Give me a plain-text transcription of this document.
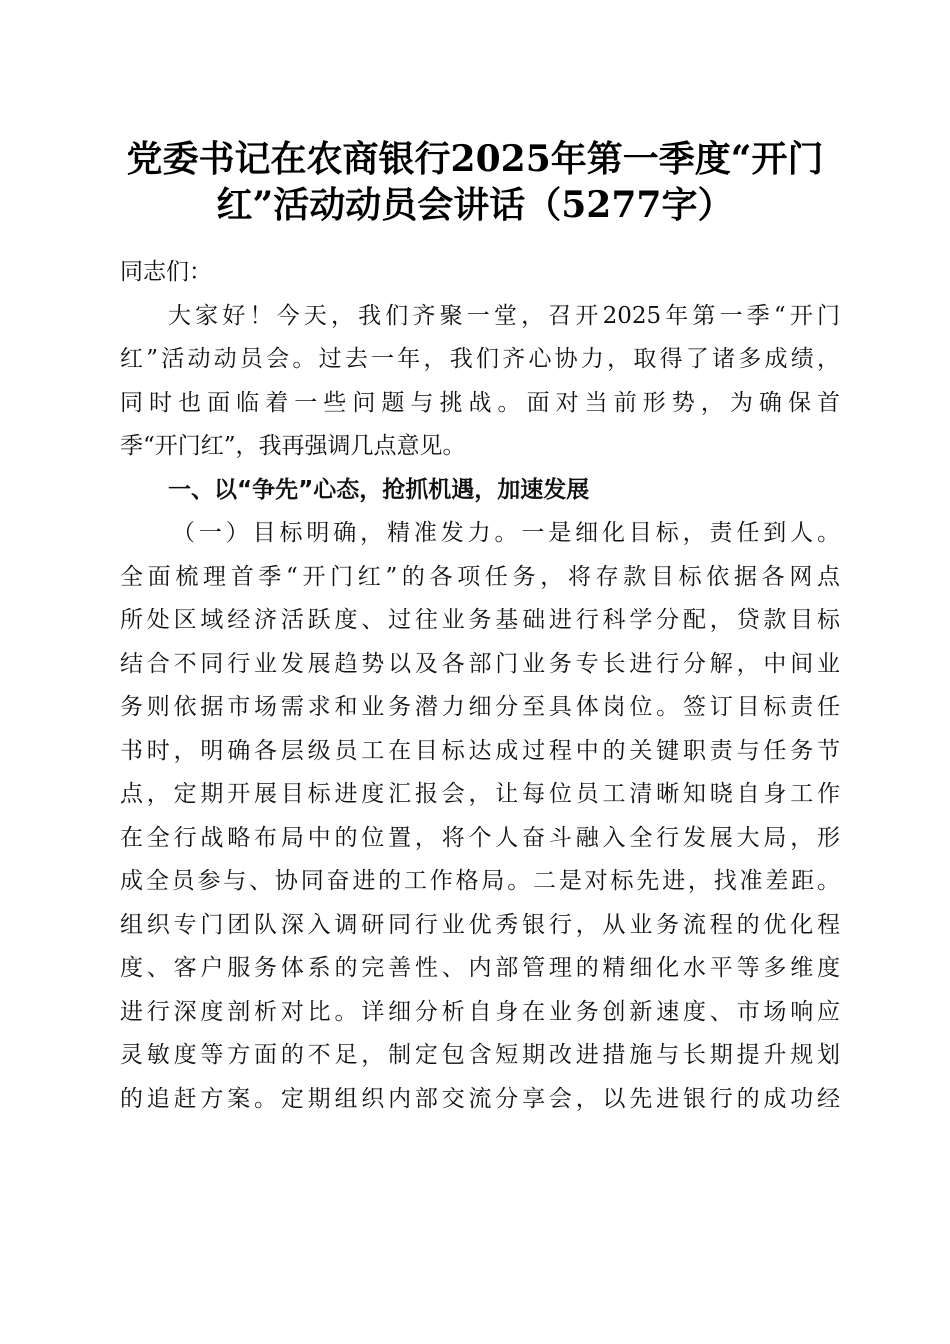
党委书记在农商银行2025年第一季度“开门
红”活动动员会讲话（5277字）
同志们：
大家好！今天，我们齐聚一堂，召开2025年第一季“开门
红”活动动员会。过去一年，我们齐心协力，取得了诸多成绩，
同时也面临着一些问题与挑战。面对当前形势，为确保首
季“开门红”，我再强调几点意见。
一、以“争先”心态，抢抓机遇，加速发展
（一）目标明确，精准发力。一是细化目标，责任到人。
全面梳理首季“开门红”的各项任务，将存款目标依据各网点
所处区域经济活跃度、过往业务基础进行科学分配，贷款目标
结合不同行业发展趋势以及各部门业务专长进行分解，中间业
务则依据市场需求和业务潜力细分至具体岗位。签订目标责任
书时，明确各层级员工在目标达成过程中的关键职责与任务节
点，定期开展目标进度汇报会，让每位员工清晰知晓自身工作
在全行战略布局中的位置，将个人奋斗融入全行发展大局，形
成全员参与、协同奋进的工作格局。二是对标先进，找准差距。
组织专门团队深入调研同行业优秀银行，从业务流程的优化程
度、客户服务体系的完善性、内部管理的精细化水平等多维度
进行深度剖析对比。详细分析自身在业务创新速度、市场响应
灵敏度等方面的不足，制定包含短期改进措施与长期提升规划
的追赶方案。定期组织内部交流分享会，以先进银行的成功经
